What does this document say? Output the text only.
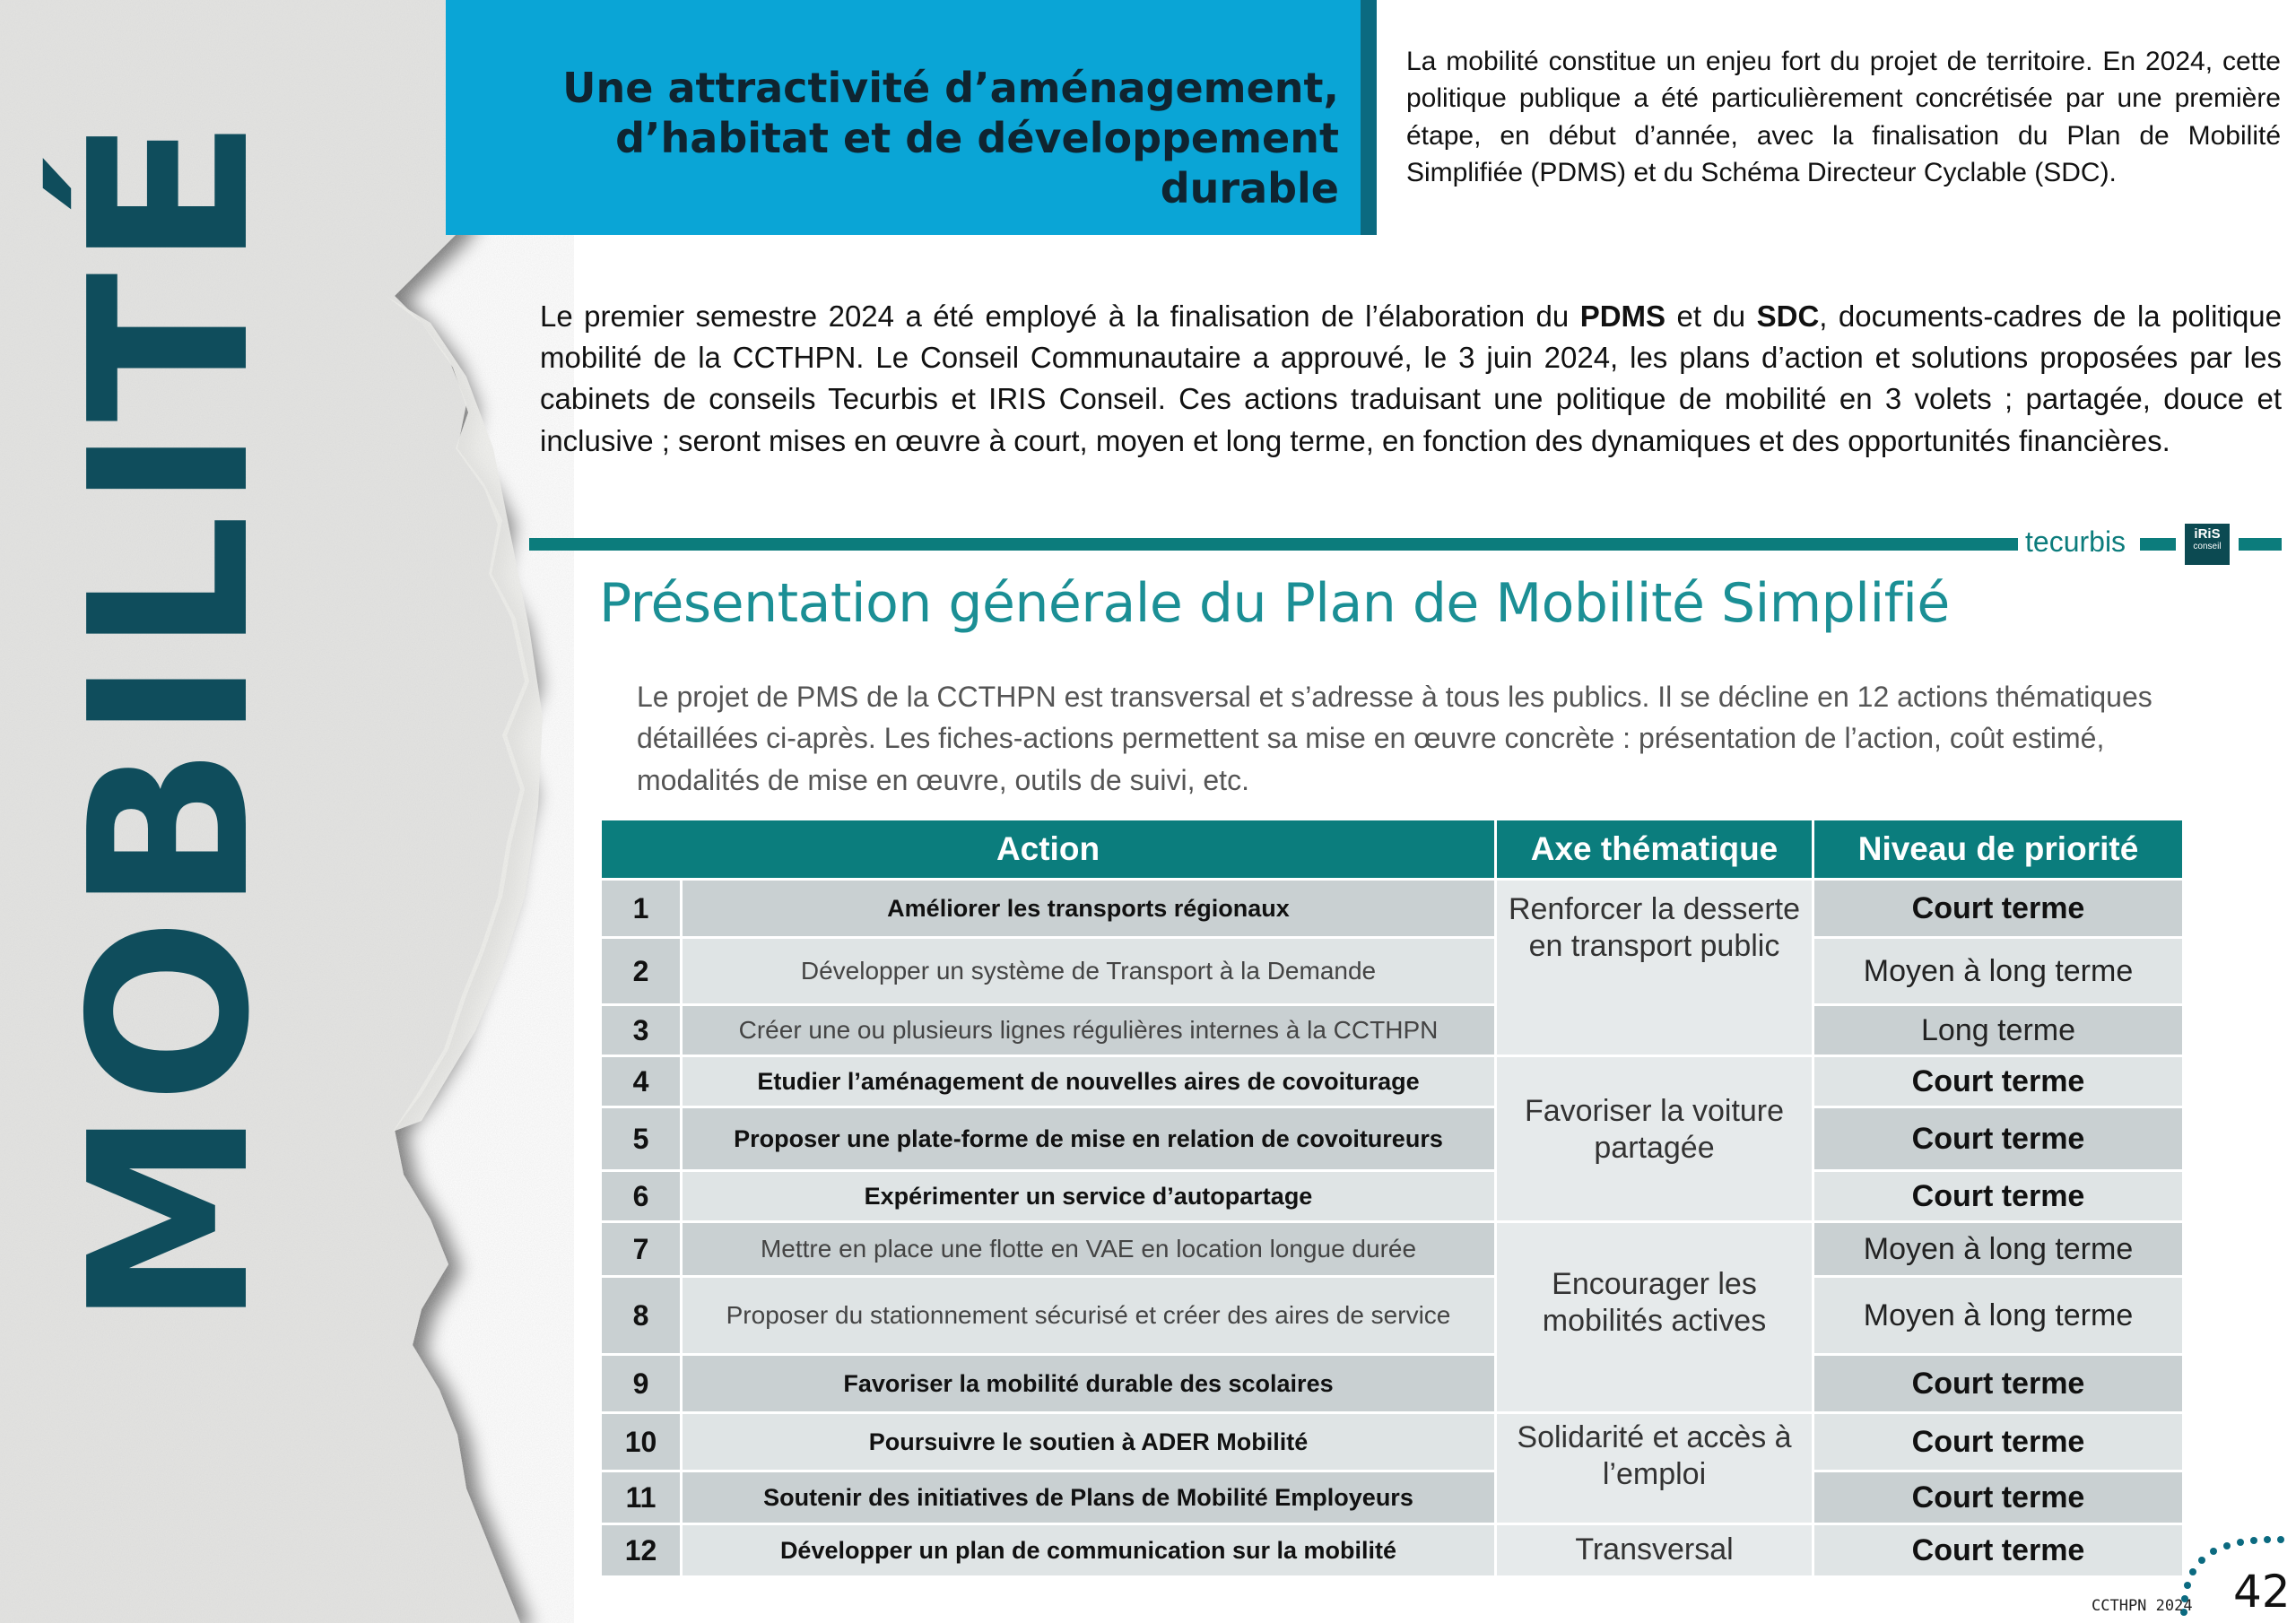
MOBILITÉ
Une attractivité d’aménagement,
d’habitat et de développement durable
La mobilité constitue un enjeu fort du projet de territoire. En 2024, cette politique publique a été particulièrement concrétisée par une première étape, en début d’année, avec la finalisation du Plan de Mobilité Simplifiée (PDMS) et du Schéma Directeur Cyclable (SDC).
Le premier semestre 2024 a été employé à la finalisation de l’élaboration du PDMS et du SDC, documents-cadres de la politique mobilité de la CCTHPN. Le Conseil Communautaire a approuvé, le 3 juin 2024, les plans d’action et solutions proposées par les cabinets de conseils Tecurbis et IRIS Conseil. Ces actions traduisant une politique de mobilité en 3 volets ; partagée, douce et inclusive ; seront mises en œuvre à court, moyen et long terme, en fonction des dynamiques et des opportunités financières.
tecurbis	iRiS
conseil
Présentation générale du Plan de Mobilité Simplifié
Le projet de PMS de la CCTHPN est transversal et s’adresse à tous les publics. Il se décline en 12 actions thématiques détaillées ci-après. Les fiches-actions permettent sa mise en œuvre concrète : présentation de l’action, coût estimé, modalités de mise en œuvre, outils de suivi, etc.
Action		Axe thématique	Niveau de priorité
1	Améliorer les transports régionaux	Renforcer la desserte en transport public	Court terme
2	Développer un système de Transport à la Demande		Moyen à long terme
3	Créer une ou plusieurs lignes régulières internes à la CCTHPN		Long terme
4	Etudier l’aménagement de nouvelles aires de covoiturage	Favoriser la voiture partagée	Court terme
5	Proposer une plate-forme de mise en relation de covoitureurs		Court terme
6	Expérimenter un service d’autopartage		Court terme
7	Mettre en place une flotte en VAE en location longue durée	Encourager les mobilités actives	Moyen à long terme
8	Proposer du stationnement sécurisé et créer des aires de service		Moyen à long terme
9	Favoriser la mobilité durable des scolaires		Court terme
10	Poursuivre le soutien à ADER Mobilité	Solidarité et accès à l’emploi	Court terme
11	Soutenir des initiatives de Plans de Mobilité Employeurs		Court terme
12	Développer un plan de communication sur la mobilité	Transversal	Court terme
CCTHPN 2024 42
